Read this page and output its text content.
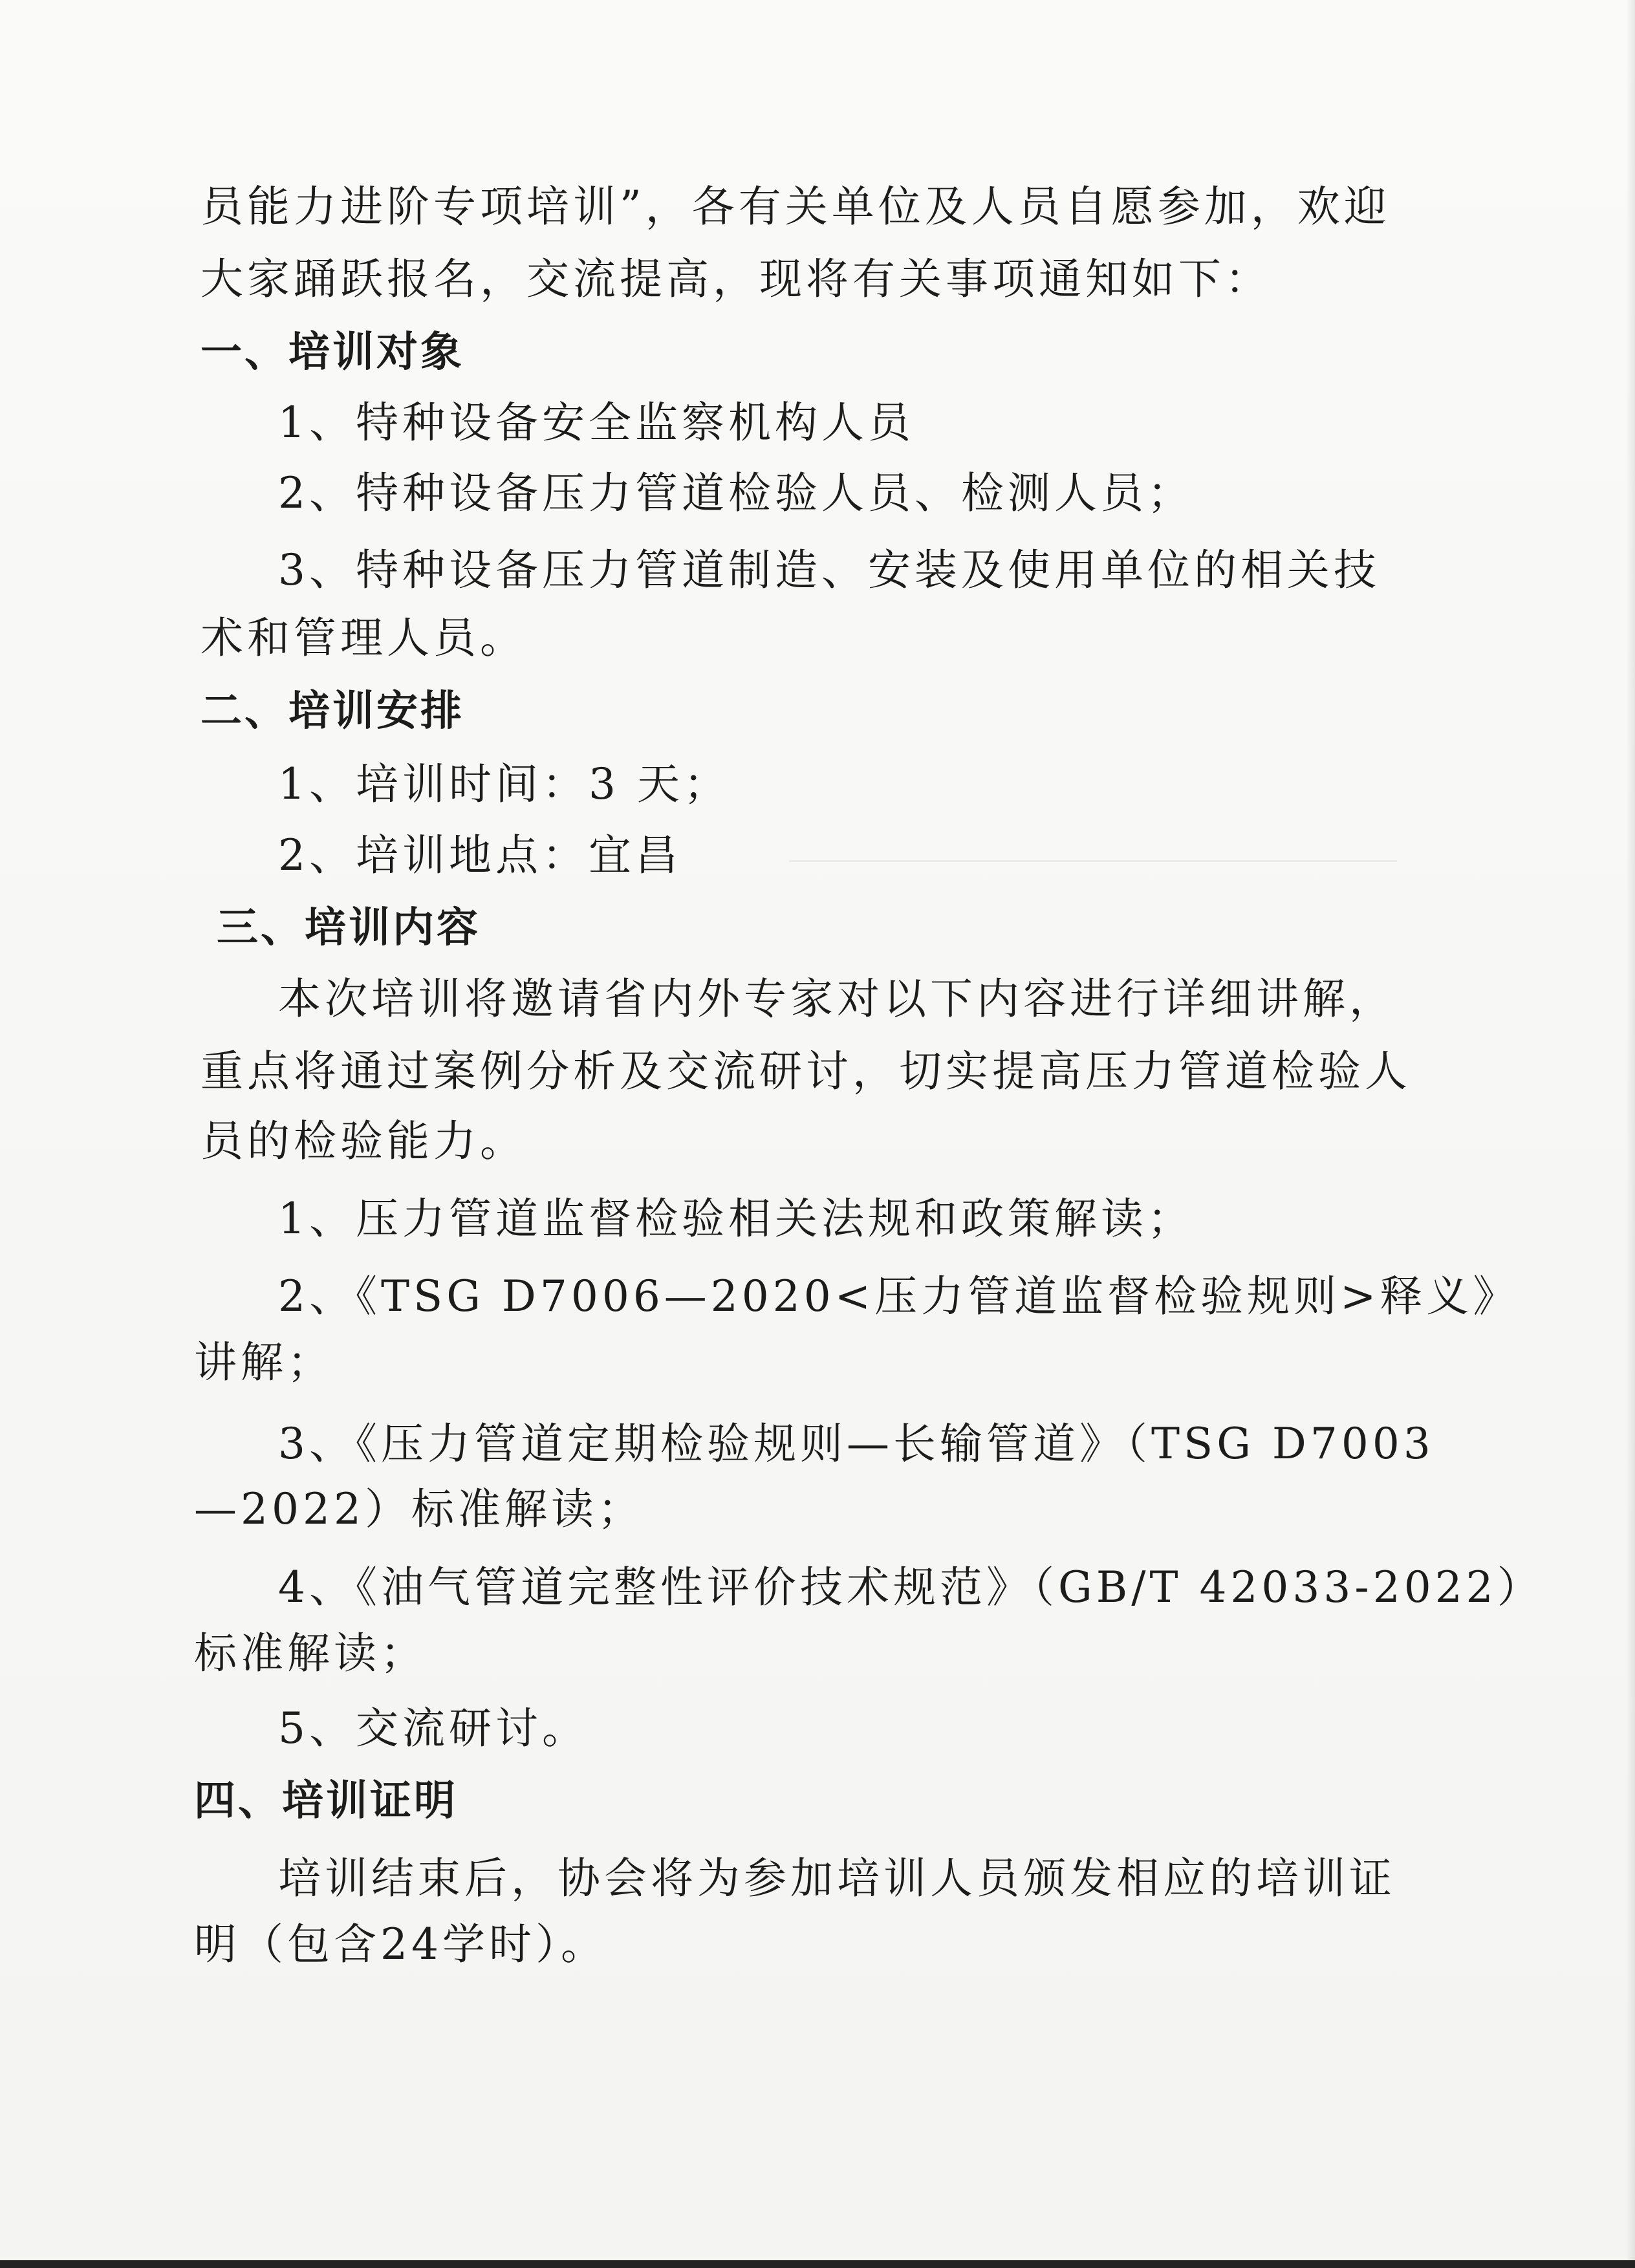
员能力进阶专项培训”，各有关单位及人员自愿参加，欢迎
大家踊跃报名，交流提高，现将有关事项通知如下：
一、培训对象
1、特种设备安全监察机构人员
2、特种设备压力管道检验人员、检测人员；
3、特种设备压力管道制造、安装及使用单位的相关技
术和管理人员。
二、培训安排
1、培训时间：3 天；
2、培训地点：宜昌
三、培训内容
本次培训将邀请省内外专家对以下内容进行详细讲解，
重点将通过案例分析及交流研讨，切实提高压力管道检验人
员的检验能力。
1、压力管道监督检验相关法规和政策解读；
2、《TSG D7006—2020<压力管道监督检验规则>释义》
讲解；
3、《压力管道定期检验规则—长输管道》（TSG D7003
—2022）标准解读；
4、《油气管道完整性评价技术规范》（GB/T 42033-2022）
标准解读；
5、交流研讨。
四、培训证明
培训结束后，协会将为参加培训人员颁发相应的培训证
明（包含24学时）。
